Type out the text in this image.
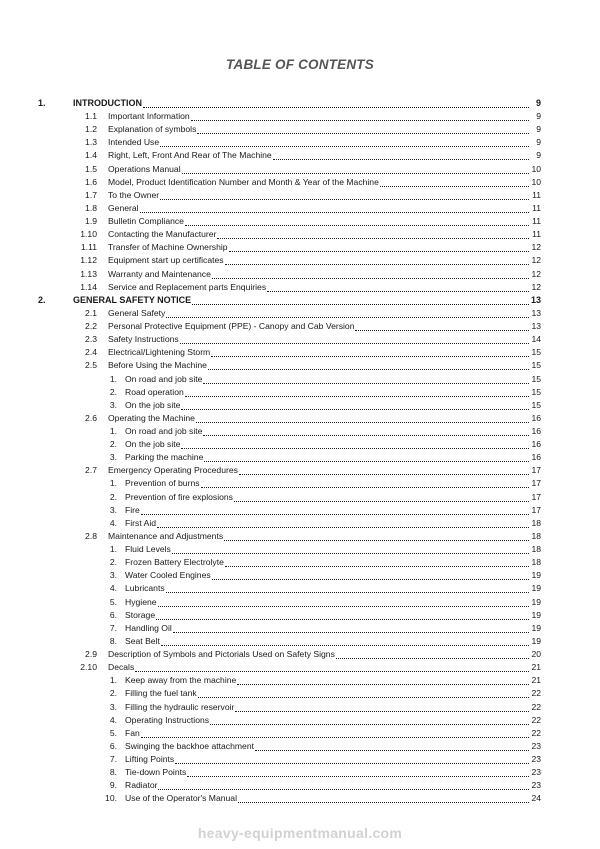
TABLE OF CONTENTS
1.	INTRODUCTION	9
1.1 Important Information	9
1.2 Explanation of symbols	9
1.3 Intended Use	9
1.4 Right, Left, Front And Rear of The Machine	9
1.5 Operations Manual	10
1.6 Model, Product Identification Number and Month & Year of the Machine	10
1.7 To the Owner	11
1.8 General	11
1.9 Bulletin Compliance	11
1.10 Contacting the Manufacturer	11
1.11 Transfer of Machine Ownership	12
1.12 Equipment start up certificates	12
1.13 Warranty and Maintenance	12
1.14 Service and Replacement parts Enquiries	12
2.	GENERAL SAFETY NOTICE	13
2.1 General Safety	13
2.2 Personal Protective Equipment (PPE) - Canopy and Cab Version	13
2.3 Safety Instructions	14
2.4 Electrical/Lightening Storm	15
2.5 Before Using the Machine	15
1. On road and job site	15
2. Road operation	15
3. On the job site	15
2.6 Operating the Machine	16
1. On road and job site	16
2. On the job site	16
3. Parking the machine	16
2.7 Emergency Operating Procedures	17
1. Prevention of burns	17
2. Prevention of fire explosions	17
3. Fire	17
4. First Aid	18
2.8 Maintenance and Adjustments	18
1. Fluid Levels	18
2. Frozen Battery Electrolyte	18
3. Water Cooled Engines	19
4. Lubricants	19
5. Hygiene	19
6. Storage	19
7. Handling Oil	19
8. Seat Belt	19
2.9 Description of Symbols and Pictorials Used on Safety Signs	20
2.10 Decals	21
1. Keep away from the machine	21
2. Filling the fuel tank	22
3. Filling the hydraulic reservoir	22
4. Operating Instructions	22
5. Fan	22
6. Swinging the backhoe attachment	23
7. Lifting Points	23
8. Tie-down Points	23
9. Radiator	23
10. Use of the Operator's Manual	24
heavy-equipmentmanual.com
